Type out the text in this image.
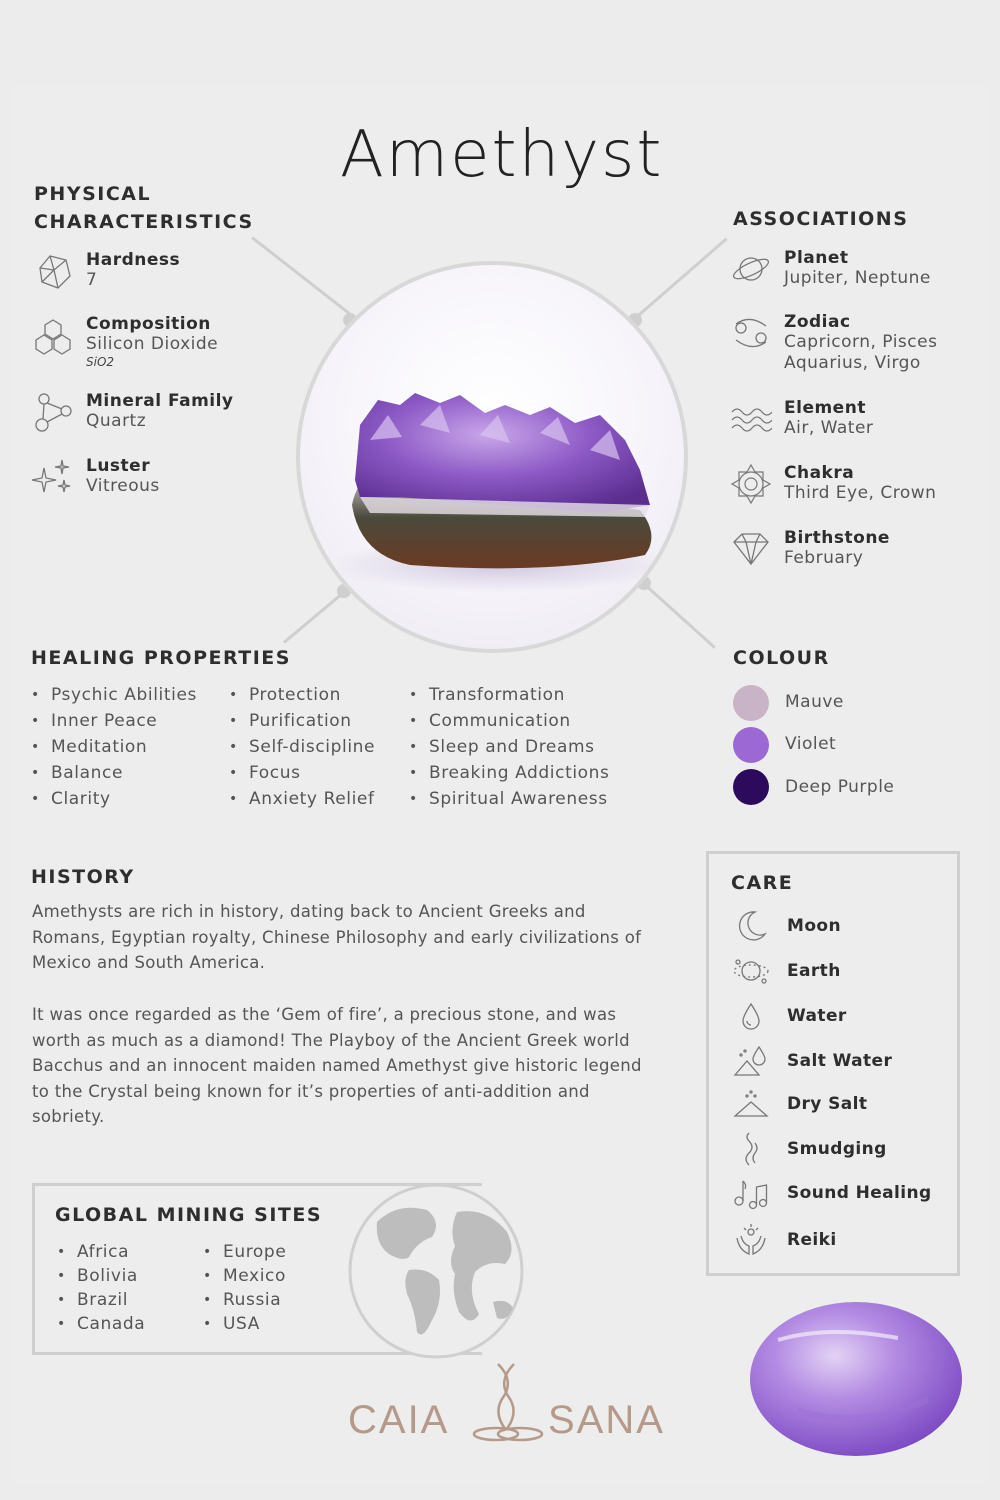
Amethyst
PHYSICAL
CHARACTERISTICS
Hardness
7
Composition
Silicon Dioxide
SiO2
Mineral Family
Quartz
Luster
Vitreous
ASSOCIATIONS
Planet
Jupiter, Neptune
Zodiac
Capricorn, Pisces
Aquarius, Virgo
Element
Air, Water
Chakra
Third Eye, Crown
Birthstone
February
HEALING PROPERTIES
• Psychic Abilities
• Inner Peace
• Meditation
• Balance
• Clarity
• Protection
• Purification
• Self-discipline
• Focus
• Anxiety Relief
• Transformation
• Communication
• Sleep and Dreams
• Breaking Addictions
• Spiritual Awareness
COLOUR
Mauve
Violet
Deep Purple
HISTORY
Amethysts are rich in history, dating back to Ancient Greeks and Romans, Egyptian royalty, Chinese Philosophy and early civilizations of Mexico and South America.
It was once regarded as the ‘Gem of fire’, a precious stone, and was worth as much as a diamond! The Playboy of the Ancient Greek world Bacchus and an innocent maiden named Amethyst give historic legend to the Crystal being known for it’s properties of anti-addition and sobriety.
CARE
Moon
Earth
Water
Salt Water
Dry Salt
Smudging
Sound Healing
Reiki
GLOBAL MINING SITES
• Africa
• Bolivia
• Brazil
• Canada
• Europe
• Mexico
• Russia
• USA
CAIA SANA
